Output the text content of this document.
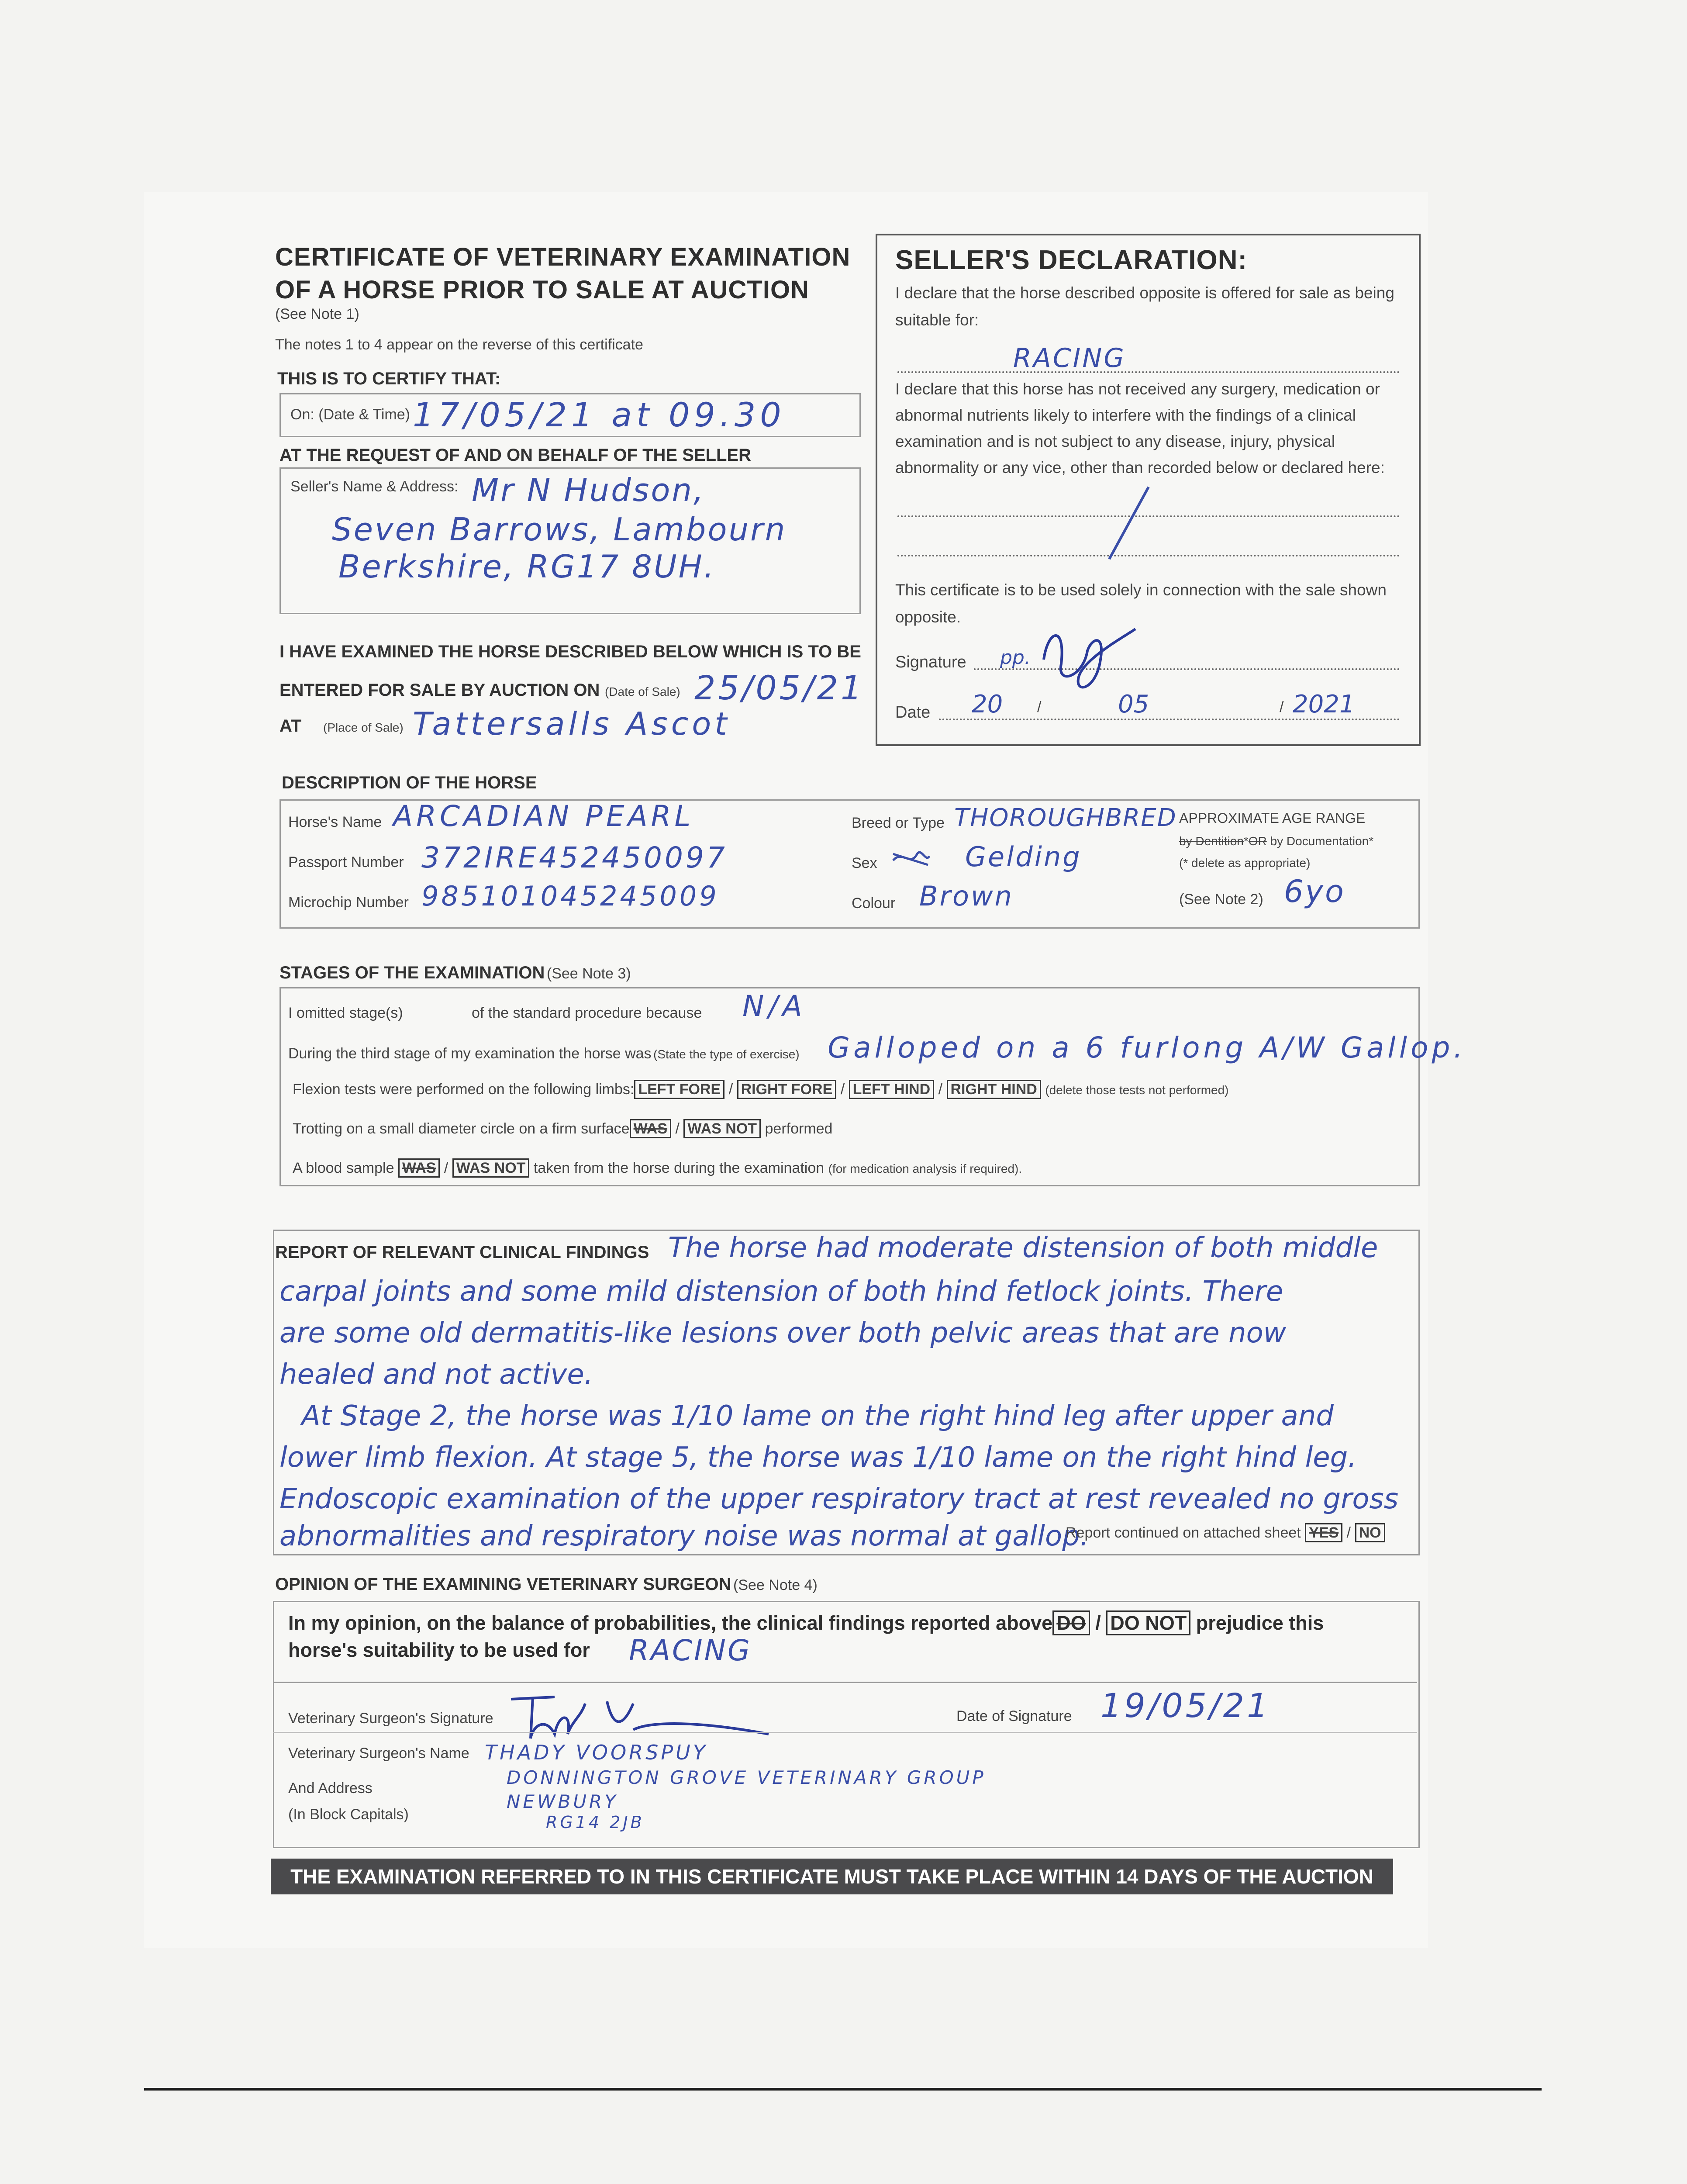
CERTIFICATE OF VETERINARY EXAMINATION
OF A HORSE PRIOR TO SALE AT AUCTION
(See Note 1)
The notes 1 to 4 appear on the reverse of this certificate
THIS IS TO CERTIFY THAT:
On: (Date & Time) 17/05/21 at 09.30
AT THE REQUEST OF AND ON BEHALF OF THE SELLER
Seller's Name & Address: Mr N Hudson,
Seven Barrows, Lambourn
Berkshire, RG17 8UH.
I HAVE EXAMINED THE HORSE DESCRIBED BELOW WHICH IS TO BE
ENTERED FOR SALE BY AUCTION ON (Date of Sale) 25/05/21
AT (Place of Sale) Tattersalls Ascot
SELLER'S DECLARATION:
I declare that the horse described opposite is offered for sale as being
suitable for:
RACING
I declare that this horse has not received any surgery, medication or
abnormal nutrients likely to interfere with the findings of a clinical
examination and is not subject to any disease, injury, physical
abnormality or any vice, other than recorded below or declared here:
This certificate is to be used solely in connection with the sale shown
opposite.
Signature pp.
Date 20	05	2021
/	/
DESCRIPTION OF THE HORSE
Horse's Name ARCADIAN PEARL
Passport Number 372IRE452450097
Microchip Number 985101045245009
Breed or Type THOROUGHBRED
Sex	Gelding
Colour Brown
APPROXIMATE AGE RANGE
by Dentition*OR by Documentation*
(* delete as appropriate)
(See Note 2) 6yo
STAGES OF THE EXAMINATION (See Note 3)
I omitted stage(s)	of the standard procedure because N/A
During the third stage of my examination the horse was (State the type of exercise) Galloped on a 6 furlong A/W Gallop.
Flexion tests were performed on the following limbs: LEFT FORE / RIGHT FORE / LEFT HIND / RIGHT HIND (delete those tests not performed)
Trotting on a small diameter circle on a firm surface WAS / WAS NOT performed
A blood sample WAS / WAS NOT taken from the horse during the examination (for medication analysis if required).
REPORT OF RELEVANT CLINICAL FINDINGS The horse had moderate distension of both middle
carpal joints and some mild distension of both hind fetlock joints. There
are some old dermatitis-like lesions over both pelvic areas that are now
healed and not active.
At Stage 2, the horse was 1/10 lame on the right hind leg after upper and
lower limb flexion. At stage 5, the horse was 1/10 lame on the right hind leg.
Endoscopic examination of the upper respiratory tract at rest revealed no gross
abnormalities and respiratory noise was normal at gallop.
Report continued on attached sheet YES / NO
OPINION OF THE EXAMINING VETERINARY SURGEON (See Note 4)
In my opinion, on the balance of probabilities, the clinical findings reported above DO / DO NOT prejudice this
horse's suitability to be used for RACING
Veterinary Surgeon's Signature	Date of Signature 19/05/21
Veterinary Surgeon's Name THADY VOORSPUY
And Address
(In Block Capitals)
DONNINGTON GROVE VETERINARY GROUP
NEWBURY
RG14 2JB
THE EXAMINATION REFERRED TO IN THIS CERTIFICATE MUST TAKE PLACE WITHIN 14 DAYS OF THE AUCTION
